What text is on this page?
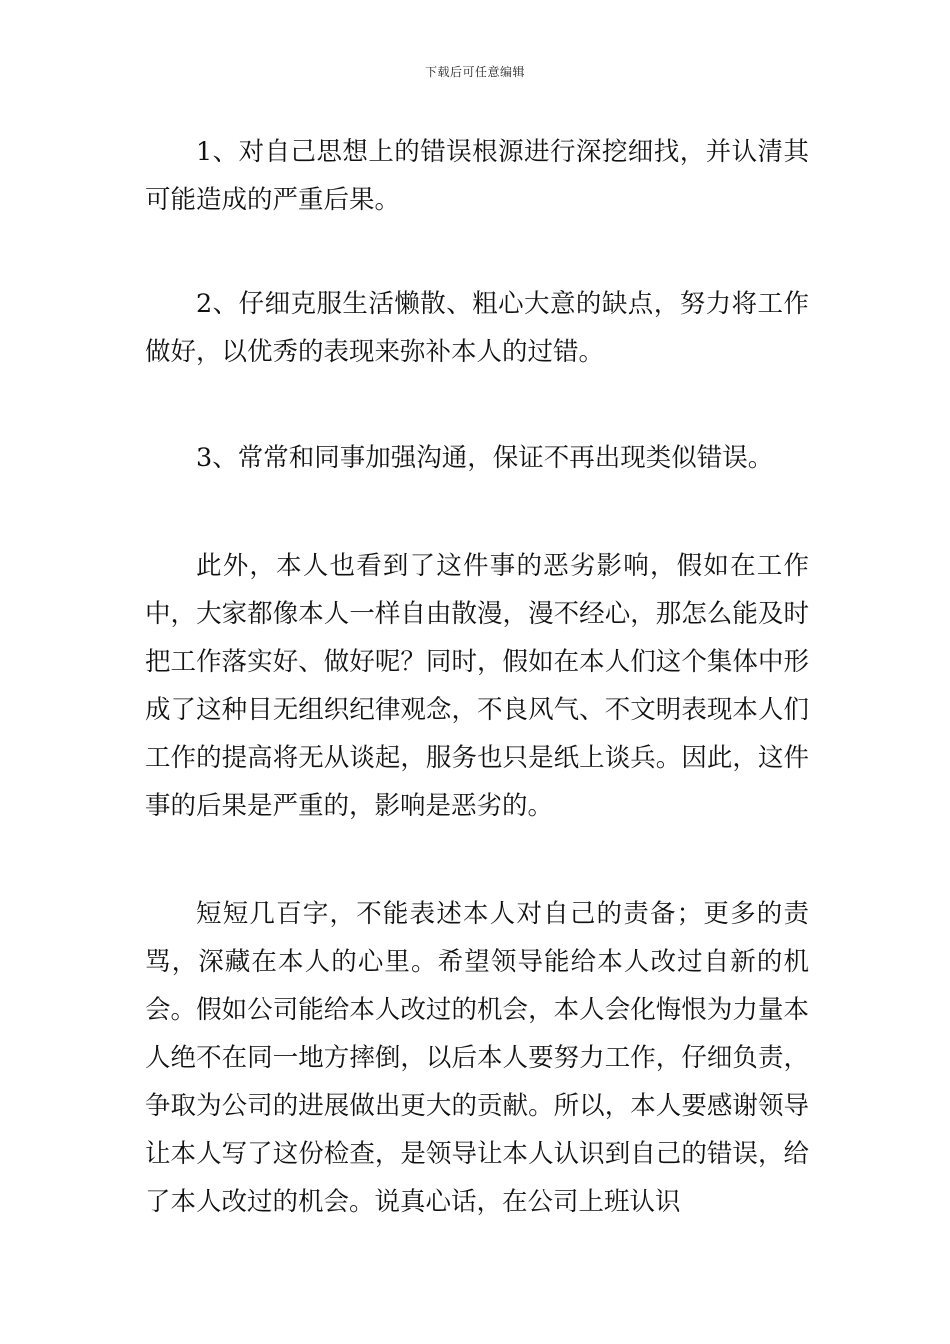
下载后可任意编辑

1、对自己思想上的错误根源进行深挖细找，并认清其可能造成的严重后果。

2、仔细克服生活懒散、粗心大意的缺点，努力将工作做好，以优秀的表现来弥补本人的过错。

3、常常和同事加强沟通，保证不再出现类似错误。

此外，本人也看到了这件事的恶劣影响，假如在工作中，大家都像本人一样自由散漫，漫不经心，那怎么能及时把工作落实好、做好呢？同时，假如在本人们这个集体中形成了这种目无组织纪律观念，不良风气、不文明表现本人们工作的提高将无从谈起，服务也只是纸上谈兵。因此，这件事的后果是严重的，影响是恶劣的。

短短几百字，不能表述本人对自己的责备；更多的责骂，深藏在本人的心里。希望领导能给本人改过自新的机会。假如公司能给本人改过的机会，本人会化悔恨为力量本人绝不在同一地方摔倒，以后本人要努力工作，仔细负责，争取为公司的进展做出更大的贡献。所以，本人要感谢领导让本人写了这份检查，是领导让本人认识到自己的错误，给了本人改过的机会。说真心话，在公司上班认识
